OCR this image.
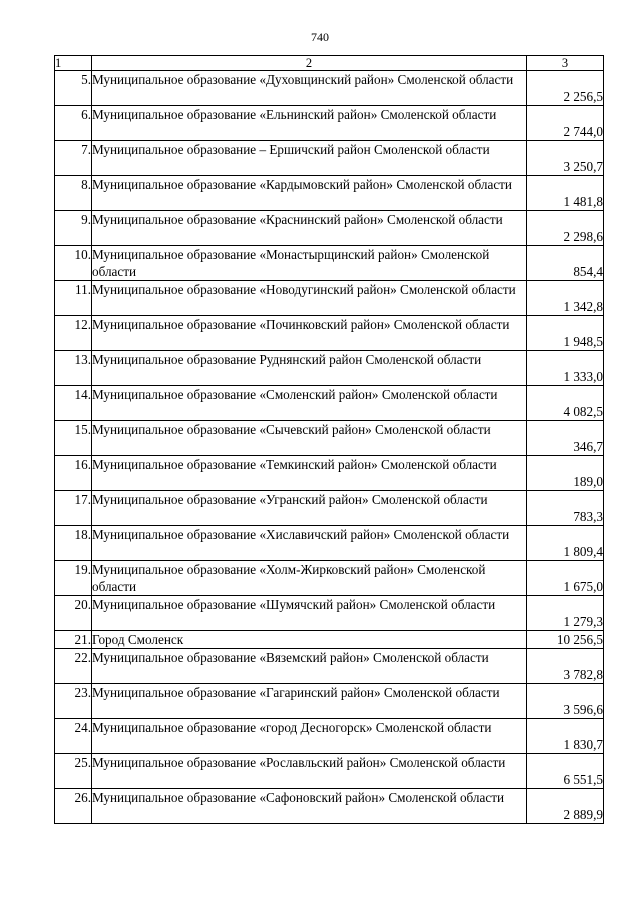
740
1	2	3
5.	Муниципальное образование «Духовщинский район» Смоленской области	2 256,5
6.	Муниципальное образование «Ельнинский район» Смоленской области	2 744,0
7.	Муниципальное образование – Ершичский район Смоленской области	3 250,7
8.	Муниципальное образование «Кардымовский район» Смоленской области	1 481,8
9.	Муниципальное образование «Краснинский район» Смоленской области	2 298,6
10.	Муниципальное образование «Монастырщинский район» Смоленской области	854,4
11.	Муниципальное образование «Новодугинский район» Смоленской области	1 342,8
12.	Муниципальное образование «Починковский район» Смоленской области	1 948,5
13.	Муниципальное образование Руднянский район Смоленской области	1 333,0
14.	Муниципальное образование «Смоленский район» Смоленской области	4 082,5
15.	Муниципальное образование «Сычевский район» Смоленской области	346,7
16.	Муниципальное образование «Темкинский район» Смоленской области	189,0
17.	Муниципальное образование «Угранский район» Смоленской области	783,3
18.	Муниципальное образование «Хиславичский район» Смоленской области	1 809,4
19.	Муниципальное образование «Холм-Жирковский район» Смоленской области	1 675,0
20.	Муниципальное образование «Шумячский район» Смоленской области	1 279,3
21.	Город Смоленск	10 256,5
22.	Муниципальное образование «Вяземский район» Смоленской области	3 782,8
23.	Муниципальное образование «Гагаринский район» Смоленской области	3 596,6
24.	Муниципальное образование «город Десногорск» Смоленской области	1 830,7
25.	Муниципальное образование «Рославльский район» Смоленской области	6 551,5
26.	Муниципальное образование «Сафоновский район» Смоленской области	2 889,9
